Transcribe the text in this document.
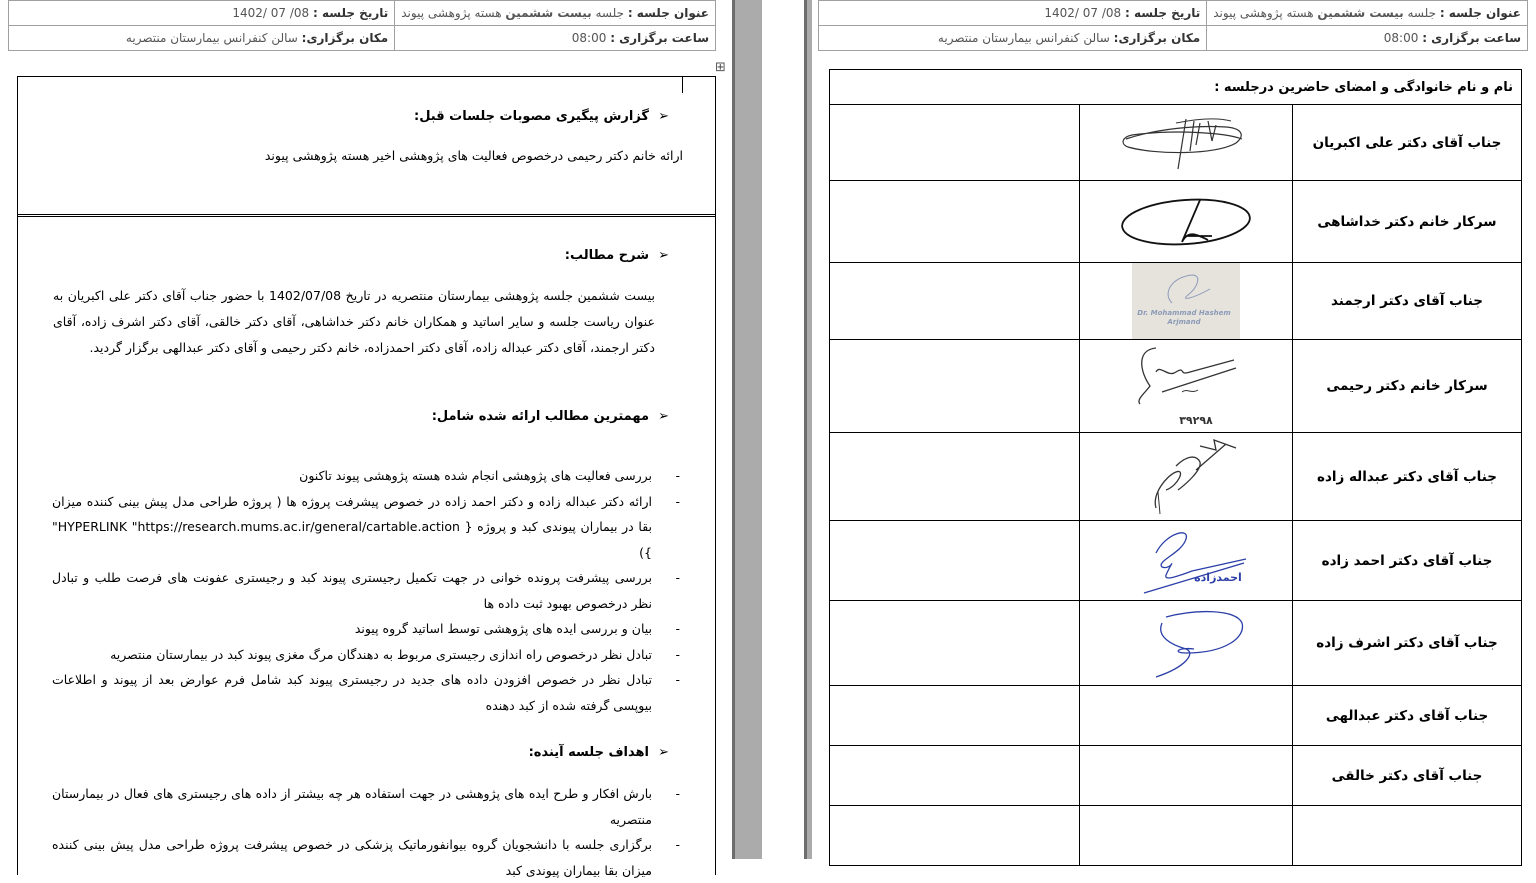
عنوان جلسه : جلسه بیست ششمین هسته پژوهشی پیوند	تاریخ جلسه : 1402/ 07 /08
ساعت برگزاری : 08:00	مکان برگزاری: سالن کنفرانس بیمارستان منتصریه
⊞
➢گزارش پیگیری مصوبات جلسات قبل:
ارائه خانم دکتر رحیمی درخصوص فعالیت های پژوهشی اخیر هسته پژوهشی پیوند
➢شرح مطالب:
بیست ششمین جلسه پژوهشی بیمارستان منتصریه در تاریخ 1402/07/08 با حضور جناب آقای دکتر علی اکبریان به عنوان ریاست جلسه و سایر اساتید و همکاران خانم دکتر خداشاهی، آقای دکتر خالقی، آقای دکتر اشرف زاده، آقای دکتر ارجمند، آقای دکتر عبداله زاده، آقای دکتر احمدزاده، خانم دکتر رحیمی و آقای دکتر عبدالهی برگزار گردید.
➢مهمترین مطالب ارائه شده شامل:
-
بررسی فعالیت های پژوهشی انجام شده هسته پژوهشی پیوند تاکنون
-
ارائه دکتر عبداله زاده و دکتر احمد زاده در خصوص پیشرفت پروژه ها ( پروژه طراحی مدل پیش بینی کننده میزان بقا در بیماران پیوندی کبد و پروژه { HYPERLINK "https://research.mums.ac.ir/general/cartable.action" })
-
بررسی پیشرفت پرونده خوانی در جهت تکمیل رجیستری پیوند کبد و رجیستری عفونت های فرصت طلب و تبادل نظر درخصوص بهبود ثبت داده ها
-
بیان و بررسی ایده های پژوهشی توسط اساتید گروه پیوند
-
تبادل نظر درخصوص راه اندازی رجیستری مربوط به دهندگان مرگ مغزی پیوند کبد در بیمارستان منتصریه
-
تبادل نظر در خصوص افزودن داده های جدید در رجیستری پیوند کبد شامل فرم عوارض بعد از پیوند و اطلاعات بیوپسی گرفته شده از کبد دهنده
➢اهداف جلسه آینده:
-
بارش افکار و طرح ایده های پژوهشی در جهت استفاده هر چه بیشتر از داده های رجیستری های فعال در بیمارستان منتصریه
-
برگزاری جلسه با دانشجویان گروه بیوانفورماتیک پزشکی در خصوص پیشرفت پروژه طراحی مدل پیش بینی کننده میزان بقا بیماران پیوندی کبد
عنوان جلسه : جلسه بیست ششمین هسته پژوهشی پیوند	تاریخ جلسه : 1402/ 07 /08
ساعت برگزاری : 08:00	مکان برگزاری: سالن کنفرانس بیمارستان منتصریه
نام و نام خانوادگی و امضای حاضرین درجلسه :		
جناب آقای دکتر علی اکبریان	

سرکار خانم دکتر خداشاهی	

جناب آقای دکتر ارجمند	Dr. Mohammad Hashem Arjmand	

سرکار خانم دکتر رحیمی	۳۹۲۹۸	

جناب آقای دکتر عبداله زاده	

جناب آقای دکتر احمد زاده	احمدزاده	

جناب آقای دکتر اشرف زاده	

جناب آقای دکتر عبدالهی		
جناب آقای دکتر خالقی		
